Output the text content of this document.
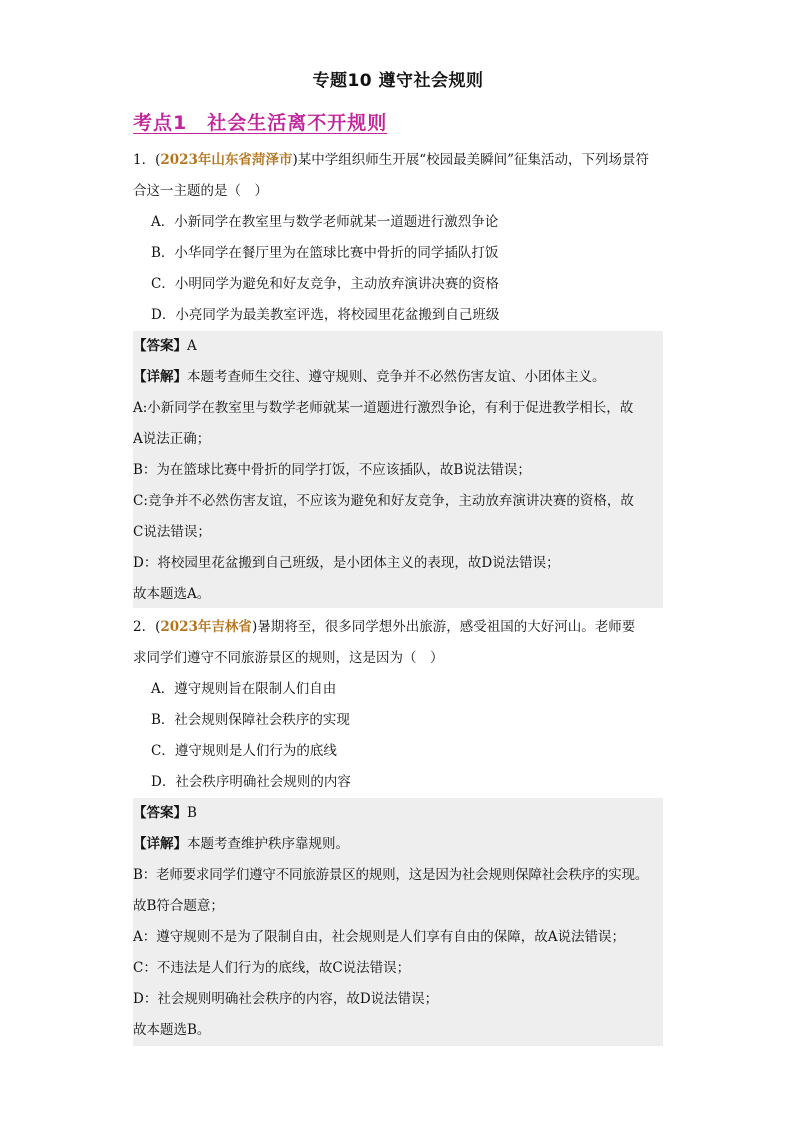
专题10 遵守社会规则
考点1　社会生活离不开规则
1．(2023年山东省菏泽市)某中学组织师生开展“校园最美瞬间”征集活动，下列场景符
合这一主题的是（　）
A．小新同学在教室里与数学老师就某一道题进行激烈争论
B．小华同学在餐厅里为在篮球比赛中骨折的同学插队打饭
C．小明同学为避免和好友竞争，主动放弃演讲决赛的资格
D．小亮同学为最美教室评选，将校园里花盆搬到自己班级
【答案】A
【详解】本题考查师生交往、遵守规则、竞争并不必然伤害友谊、小团体主义。
A:小新同学在教室里与数学老师就某一道题进行激烈争论，有利于促进教学相长，故
A说法正确；
B：为在篮球比赛中骨折的同学打饭，不应该插队，故B说法错误；
C:竞争并不必然伤害友谊，不应该为避免和好友竞争，主动放弃演讲决赛的资格，故
C说法错误；
D：将校园里花盆搬到自己班级，是小团体主义的表现，故D说法错误；
故本题选A。
2．(2023年吉林省)暑期将至，很多同学想外出旅游，感受祖国的大好河山。老师要
求同学们遵守不同旅游景区的规则，这是因为（　）
A．遵守规则旨在限制人们自由
B．社会规则保障社会秩序的实现
C．遵守规则是人们行为的底线
D．社会秩序明确社会规则的内容
【答案】B
【详解】本题考查维护秩序靠规则。
B：老师要求同学们遵守不同旅游景区的规则，这是因为社会规则保障社会秩序的实现。
故B符合题意；
A：遵守规则不是为了限制自由，社会规则是人们享有自由的保障，故A说法错误；
C：不违法是人们行为的底线，故C说法错误；
D：社会规则明确社会秩序的内容，故D说法错误；
故本题选B。
